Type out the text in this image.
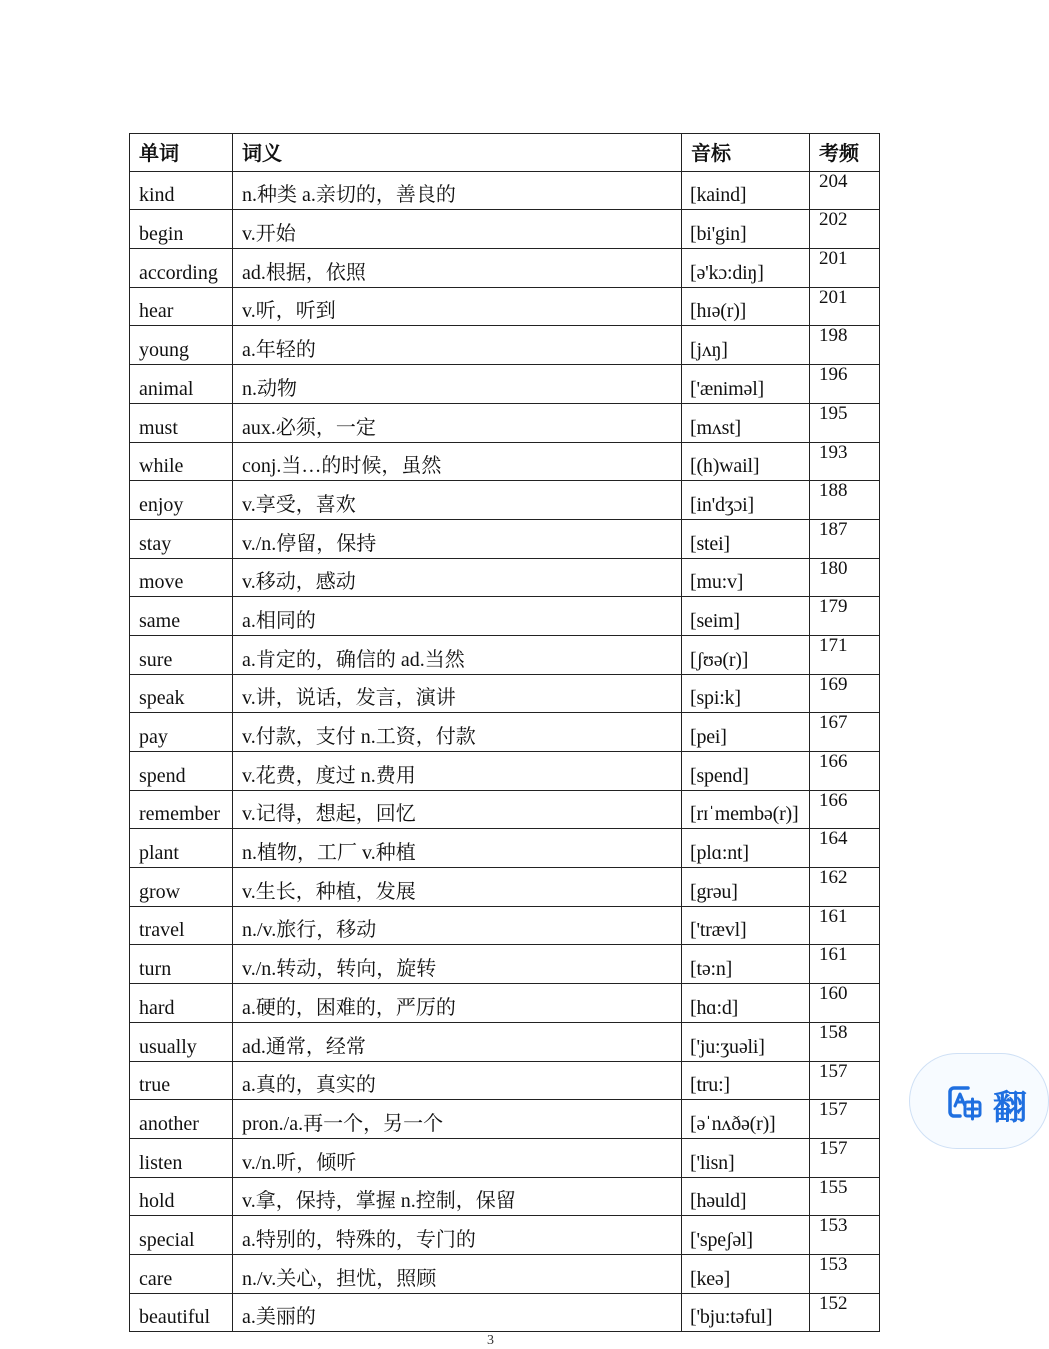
单词	词义	音标	考频
kind	n.种类 a.亲切的，善良的	[kaind]	204
begin	v.开始	[bi'gin]	202
according	ad.根据，依照	[ə'kɔ:diŋ]	201
hear	v.听，听到	[hɪə(r)]	201
young	a.年轻的	[jʌŋ]	198
animal	n.动物	['æniməl]	196
must	aux.必须，一定	[mʌst]	195
while	conj.当…的时候，虽然	[(h)wail]	193
enjoy	v.享受，喜欢	[in'dʒɔi]	188
stay	v./n.停留，保持	[stei]	187
move	v.移动，感动	[mu:v]	180
same	a.相同的	[seim]	179
sure	a.肯定的，确信的 ad.当然	[ʃʊə(r)]	171
speak	v.讲，说话，发言，演讲	[spi:k]	169
pay	v.付款，支付 n.工资，付款	[pei]	167
spend	v.花费，度过 n.费用	[spend]	166
remember	v.记得，想起，回忆	[rɪˈmembə(r)]	166
plant	n.植物，工厂 v.种植	[plɑ:nt]	164
grow	v.生长，种植，发展	[grəu]	162
travel	n./v.旅行，移动	['trævl]	161
turn	v./n.转动，转向，旋转	[tə:n]	161
hard	a.硬的，困难的，严厉的	[hɑ:d]	160
usually	ad.通常，经常	['ju:ʒuəli]	158
true	a.真的，真实的	[tru:]	157
another	pron./a.再一个，另一个	[əˈnʌðə(r)]	157
listen	v./n.听，倾听	['lisn]	157
hold	v.拿，保持，掌握 n.控制，保留	[həuld]	155
special	a.特别的，特殊的，专门的	['speʃəl]	153
care	n./v.关心，担忧，照顾	[keə]	153
beautiful	a.美丽的	['bju:təful]	152
翻
3
